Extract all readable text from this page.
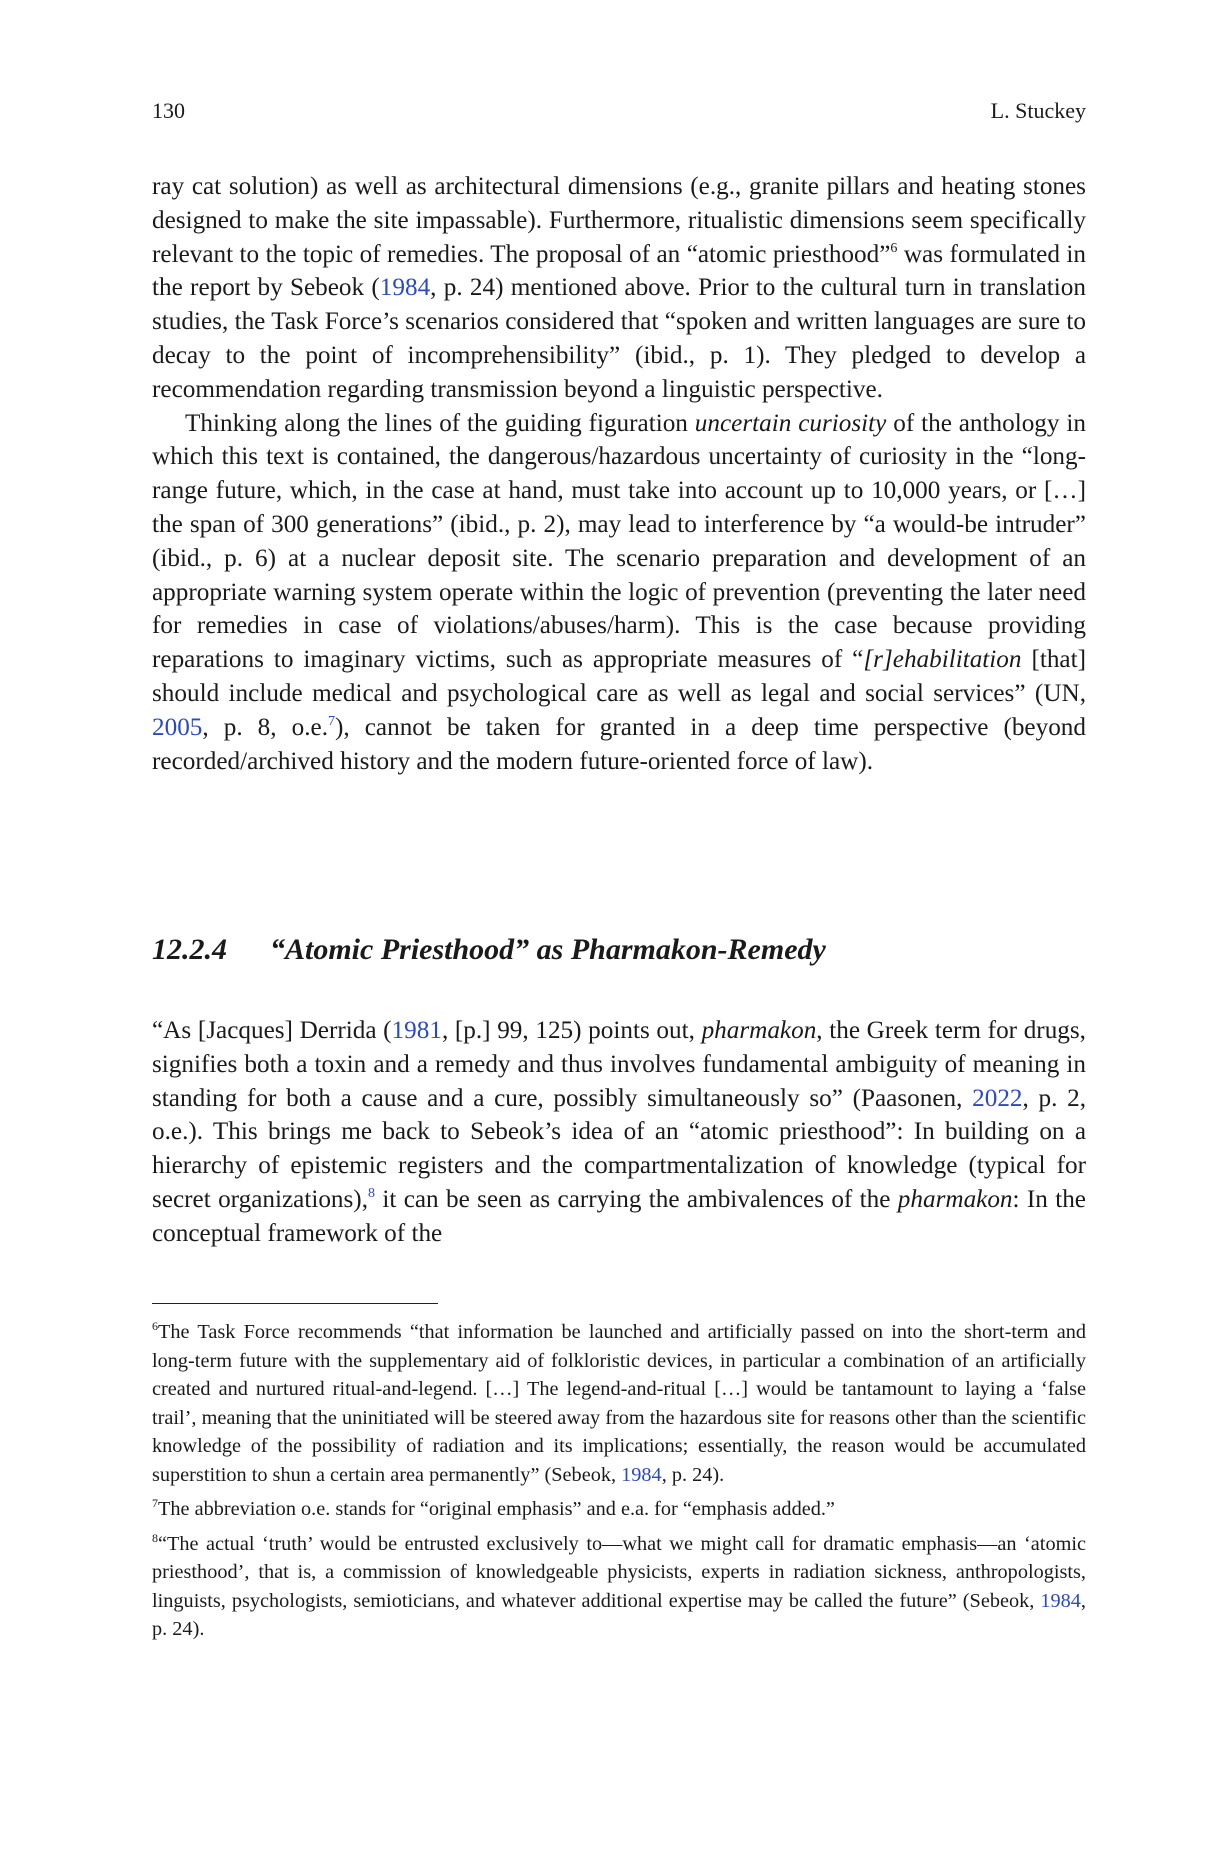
130	L. Stuckey

ray cat solution) as well as architectural dimensions (e.g., granite pillars and heating stones designed to make the site impassable). Furthermore, ritualistic dimensions seem specifically relevant to the topic of remedies. The proposal of an “atomic priesthood”$^6$ was formulated in the report by Sebeok (1984, p. 24) mentioned above. Prior to the cultural turn in translation studies, the Task Force’s scenarios considered that “spoken and written languages are sure to decay to the point of incomprehensibility” (ibid., p. 1). They pledged to develop a recommendation regarding transmission beyond a linguistic perspective.

Thinking along the lines of the guiding figuration uncertain curiosity of the anthology in which this text is contained, the dangerous/hazardous uncertainty of curiosity in the “long-range future, which, in the case at hand, must take into account up to 10,000 years, or […] the span of 300 generations” (ibid., p. 2), may lead to interference by “a would-be intruder” (ibid., p. 6) at a nuclear deposit site. The scenario preparation and development of an appropriate warning system operate within the logic of prevention (preventing the later need for remedies in case of violations/abuses/harm). This is the case because providing reparations to imaginary victims, such as appropriate measures of “[r]ehabilitation [that] should include medical and psychological care as well as legal and social services” (UN, 2005, p. 8, o.e.$^7$), cannot be taken for granted in a deep time perspective (beyond recorded/archived history and the modern future-oriented force of law).

12.2.4 “Atomic Priesthood” as Pharmakon-Remedy

“As [Jacques] Derrida (1981, [p.] 99, 125) points out, pharmakon, the Greek term for drugs, signifies both a toxin and a remedy and thus involves fundamental ambiguity of meaning in standing for both a cause and a cure, possibly simultaneously so” (Paasonen, 2022, p. 2, o.e.). This brings me back to Sebeok’s idea of an “atomic priesthood”: In building on a hierarchy of epistemic registers and the compartmentalization of knowledge (typical for secret organizations),$^8$ it can be seen as carrying the ambivalences of the pharmakon: In the conceptual framework of the

$^6$The Task Force recommends “that information be launched and artificially passed on into the short-term and long-term future with the supplementary aid of folkloristic devices, in particular a combination of an artificially created and nurtured ritual-and-legend. […] The legend-and-ritual […] would be tantamount to laying a ‘false trail’, meaning that the uninitiated will be steered away from the hazardous site for reasons other than the scientific knowledge of the possibility of radiation and its implications; essentially, the reason would be accumulated superstition to shun a certain area permanently” (Sebeok, 1984, p. 24).

$^7$The abbreviation o.e. stands for “original emphasis” and e.a. for “emphasis added.”

$^8$“The actual ‘truth’ would be entrusted exclusively to—what we might call for dramatic emphasis—an ‘atomic priesthood’, that is, a commission of knowledgeable physicists, experts in radiation sickness, anthropologists, linguists, psychologists, semioticians, and whatever additional expertise may be called the future” (Sebeok, 1984, p. 24).
